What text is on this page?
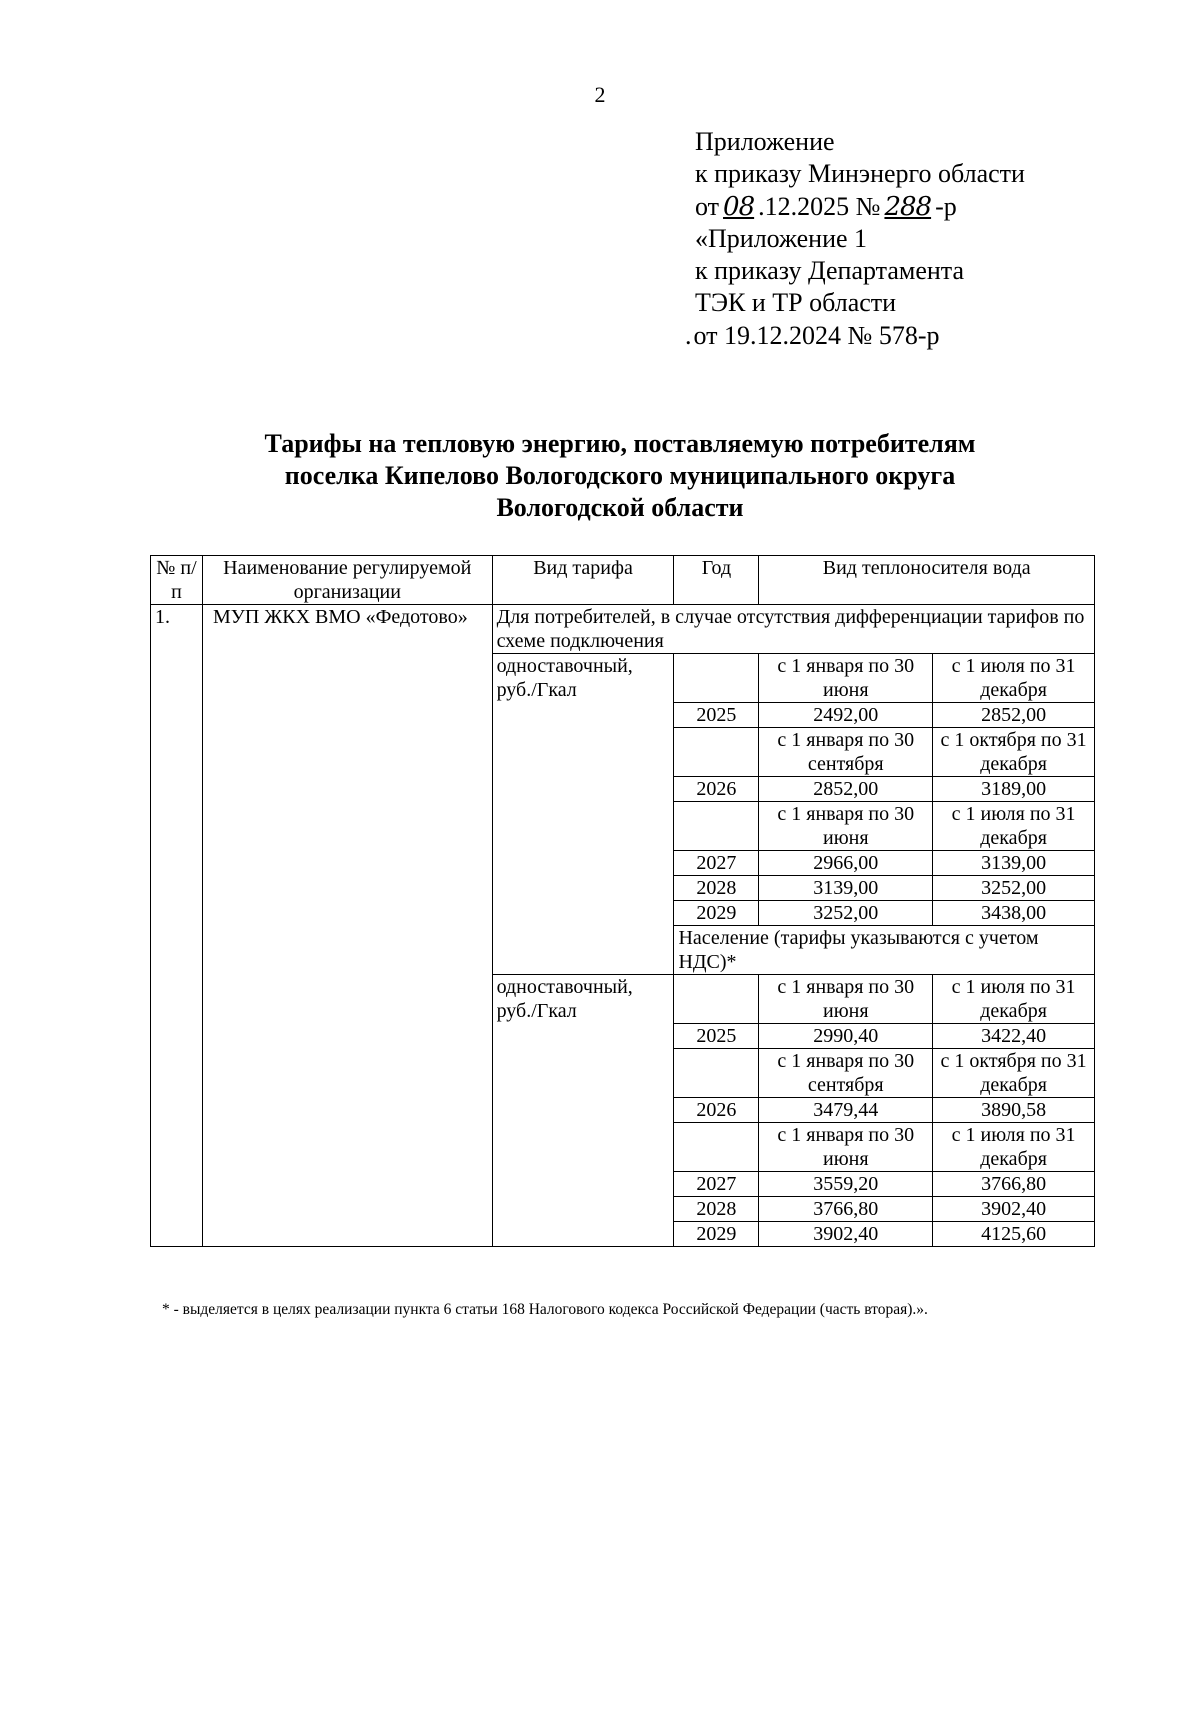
2
Приложение
к приказу Минэнерго области
от 08 .12.2025 № 288 -р
«Приложение 1
к приказу Департамента
ТЭК и ТР области
.от 19.12.2024 № 578-р
Тарифы на тепловую энергию, поставляемую потребителям
поселка Кипелово Вологодского муниципального округа
Вологодской области
№ п/п	Наименование регулируемой организации	Вид тарифа	Год	Вид теплоносителя вода	
1.	МУП ЖКХ ВМО «Федотово»	Для потребителей, в случае отсутствия дифференциации тарифов по схеме подключения			
		одноставочный, руб./Гкал		с 1 января по 30 июня	с 1 июля по 31 декабря
			2025	2492,00	2852,00
				с 1 января по 30 сентября	с 1 октября по 31 декабря
			2026	2852,00	3189,00
				с 1 января по 30 июня	с 1 июля по 31 декабря
			2027	2966,00	3139,00
			2028	3139,00	3252,00
			2029	3252,00	3438,00
			Население (тарифы указываются с учетом НДС)*		
		одноставочный, руб./Гкал		с 1 января по 30 июня	с 1 июля по 31 декабря
			2025	2990,40	3422,40
				с 1 января по 30 сентября	с 1 октября по 31 декабря
			2026	3479,44	3890,58
				с 1 января по 30 июня	с 1 июля по 31 декабря
			2027	3559,20	3766,80
			2028	3766,80	3902,40
			2029	3902,40	4125,60
* - выделяется в целях реализации пункта 6 статьи 168 Налогового кодекса Российской Федерации (часть вторая).».
